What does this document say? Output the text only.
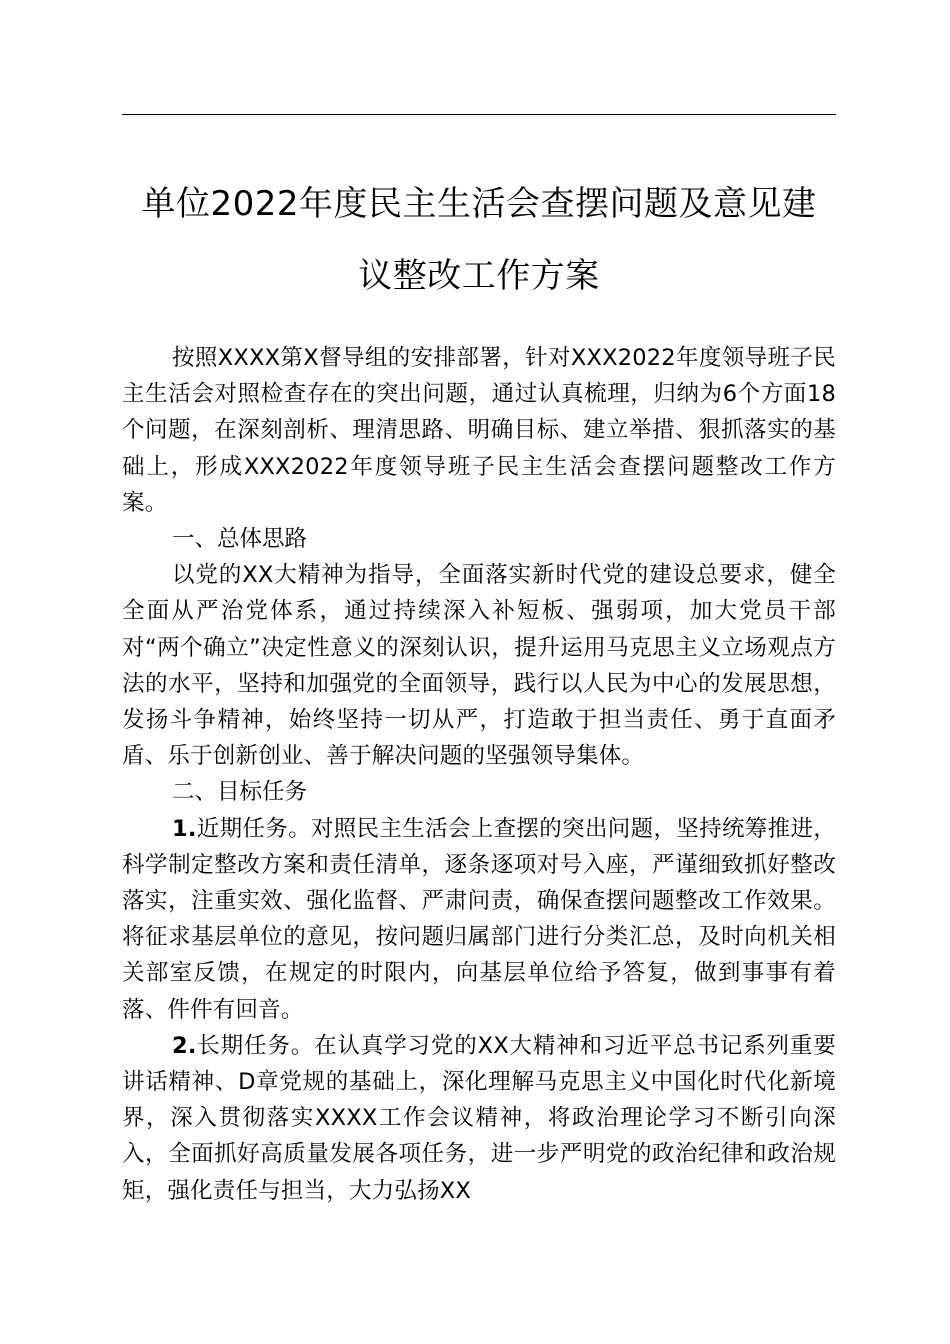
单位2022年度民主生活会查摆问题及意见建
议整改工作方案

按照XXXX第X督导组的安排部署，针对XXX2022年度领导班子民主生活会对照检查存在的突出问题，通过认真梳理，归纳为6个方面18个问题，在深刻剖析、理清思路、明确目标、建立举措、狠抓落实的基础上，形成XXX2022年度领导班子民主生活会查摆问题整改工作方案。

一、总体思路

以党的XX大精神为指导，全面落实新时代党的建设总要求，健全全面从严治党体系，通过持续深入补短板、强弱项，加大党员干部对“两个确立”决定性意义的深刻认识，提升运用马克思主义立场观点方法的水平，坚持和加强党的全面领导，践行以人民为中心的发展思想，发扬斗争精神，始终坚持一切从严，打造敢于担当责任、勇于直面矛盾、乐于创新创业、善于解决问题的坚强领导集体。

二、目标任务

1.近期任务。对照民主生活会上查摆的突出问题，坚持统筹推进，科学制定整改方案和责任清单，逐条逐项对号入座，严谨细致抓好整改落实，注重实效、强化监督、严肃问责，确保查摆问题整改工作效果。将征求基层单位的意见，按问题归属部门进行分类汇总，及时向机关相关部室反馈，在规定的时限内，向基层单位给予答复，做到事事有着落、件件有回音。

2.长期任务。在认真学习党的XX大精神和习近平总书记系列重要讲话精神、D章党规的基础上，深化理解马克思主义中国化时代化新境界，深入贯彻落实XXXX工作会议精神，将政治理论学习不断引向深入，全面抓好高质量发展各项任务，进一步严明党的政治纪律和政治规矩，强化责任与担当，大力弘扬XX
